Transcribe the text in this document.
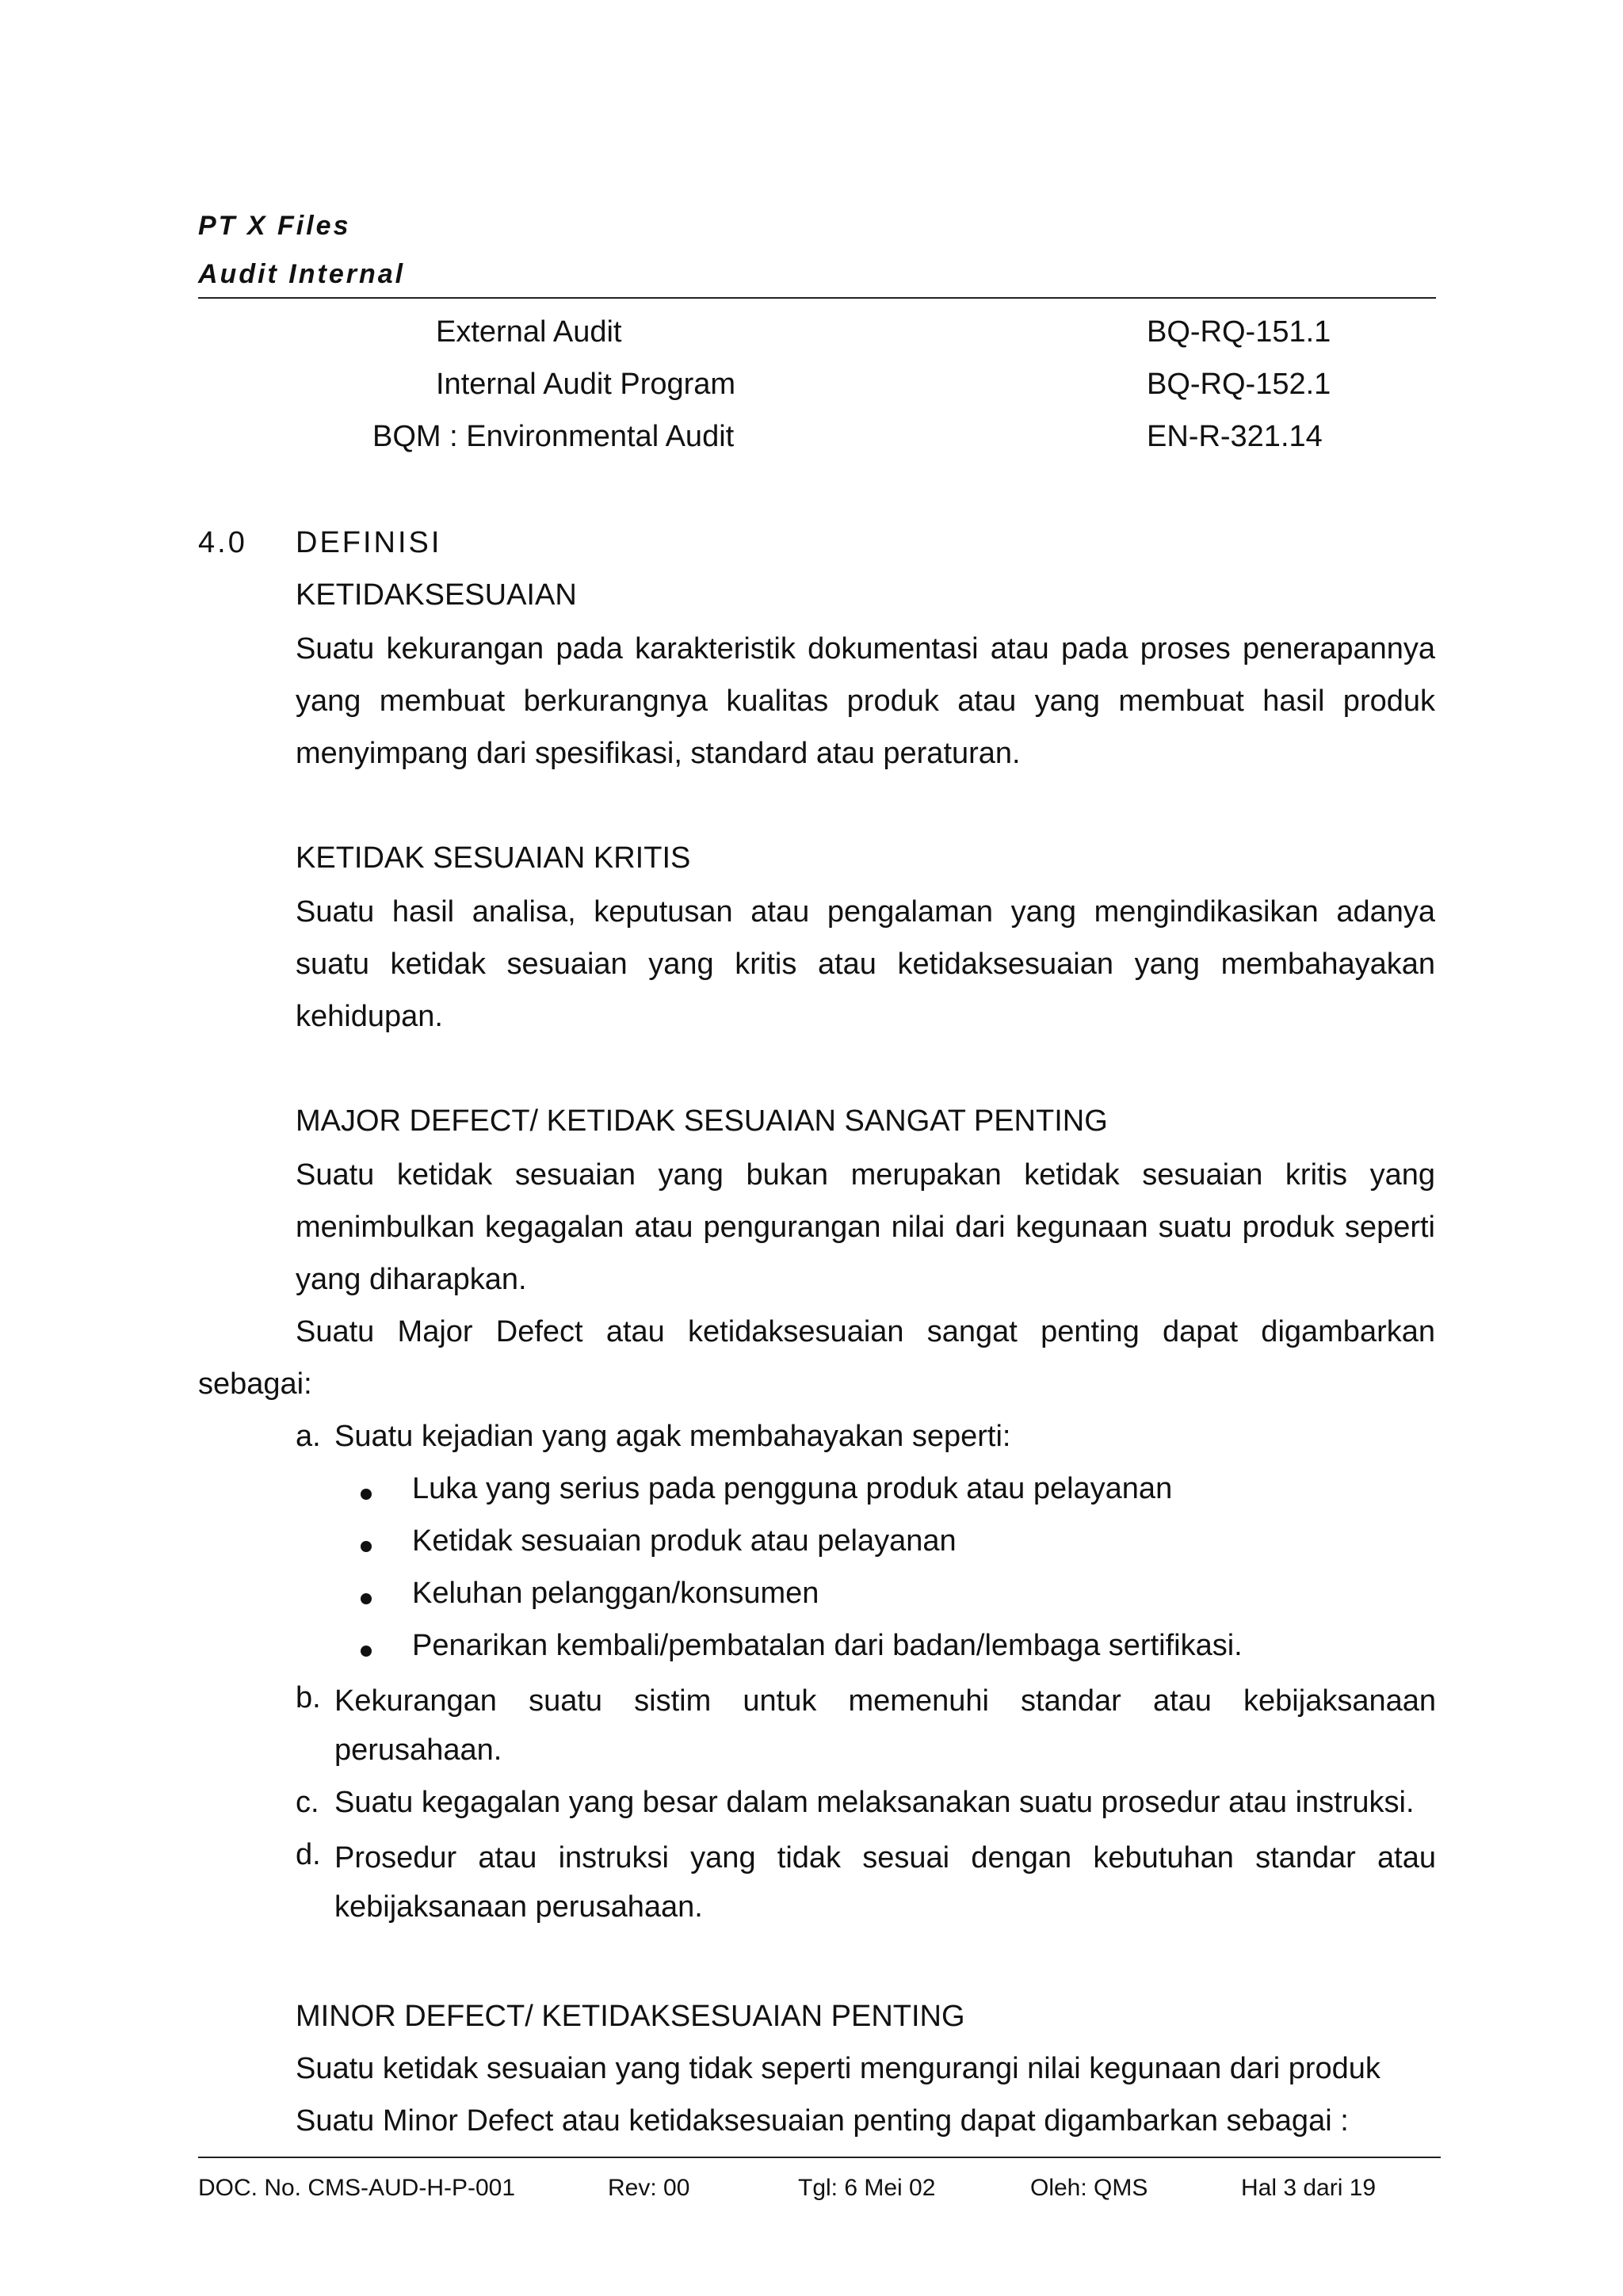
PT X Files
Audit Internal
External Audit	BQ-RQ-151.1
Internal Audit Program	BQ-RQ-152.1
BQM : Environmental Audit	EN-R-321.14
4.0 DEFINISI
KETIDAKSESUAIAN
Suatu kekurangan pada karakteristik dokumentasi atau pada proses penerapannya
yang membuat berkurangnya kualitas produk atau yang membuat hasil produk
menyimpang dari spesifikasi, standard atau peraturan.
KETIDAK SESUAIAN KRITIS
Suatu hasil analisa, keputusan atau pengalaman yang mengindikasikan adanya
suatu ketidak sesuaian yang kritis atau ketidaksesuaian yang membahayakan
kehidupan.
MAJOR DEFECT/ KETIDAK SESUAIAN SANGAT PENTING
Suatu ketidak sesuaian yang bukan merupakan ketidak sesuaian kritis yang
menimbulkan kegagalan atau pengurangan nilai dari kegunaan suatu produk seperti
yang diharapkan.
Suatu Major Defect atau ketidaksesuaian sangat penting dapat digambarkan
sebagai:
a. Suatu kejadian yang agak membahayakan seperti:
Luka yang serius pada pengguna produk atau pelayanan
Ketidak sesuaian produk atau pelayanan
Keluhan pelanggan/konsumen
Penarikan kembali/pembatalan dari badan/lembaga sertifikasi.
b. Kekurangan suatu sistim untuk memenuhi standar atau kebijaksanaan
perusahaan.
c. Suatu kegagalan yang besar dalam melaksanakan suatu prosedur atau instruksi.
d. Prosedur atau instruksi yang tidak sesuai dengan kebutuhan standar atau
kebijaksanaan perusahaan.
MINOR DEFECT/ KETIDAKSESUAIAN PENTING
Suatu ketidak sesuaian yang tidak seperti mengurangi nilai kegunaan dari produk
Suatu Minor Defect atau ketidaksesuaian penting dapat digambarkan sebagai :
DOC. No. CMS-AUD-H-P-001	Rev: 00	Tgl: 6 Mei 02	Oleh: QMS	Hal 3 dari 19
